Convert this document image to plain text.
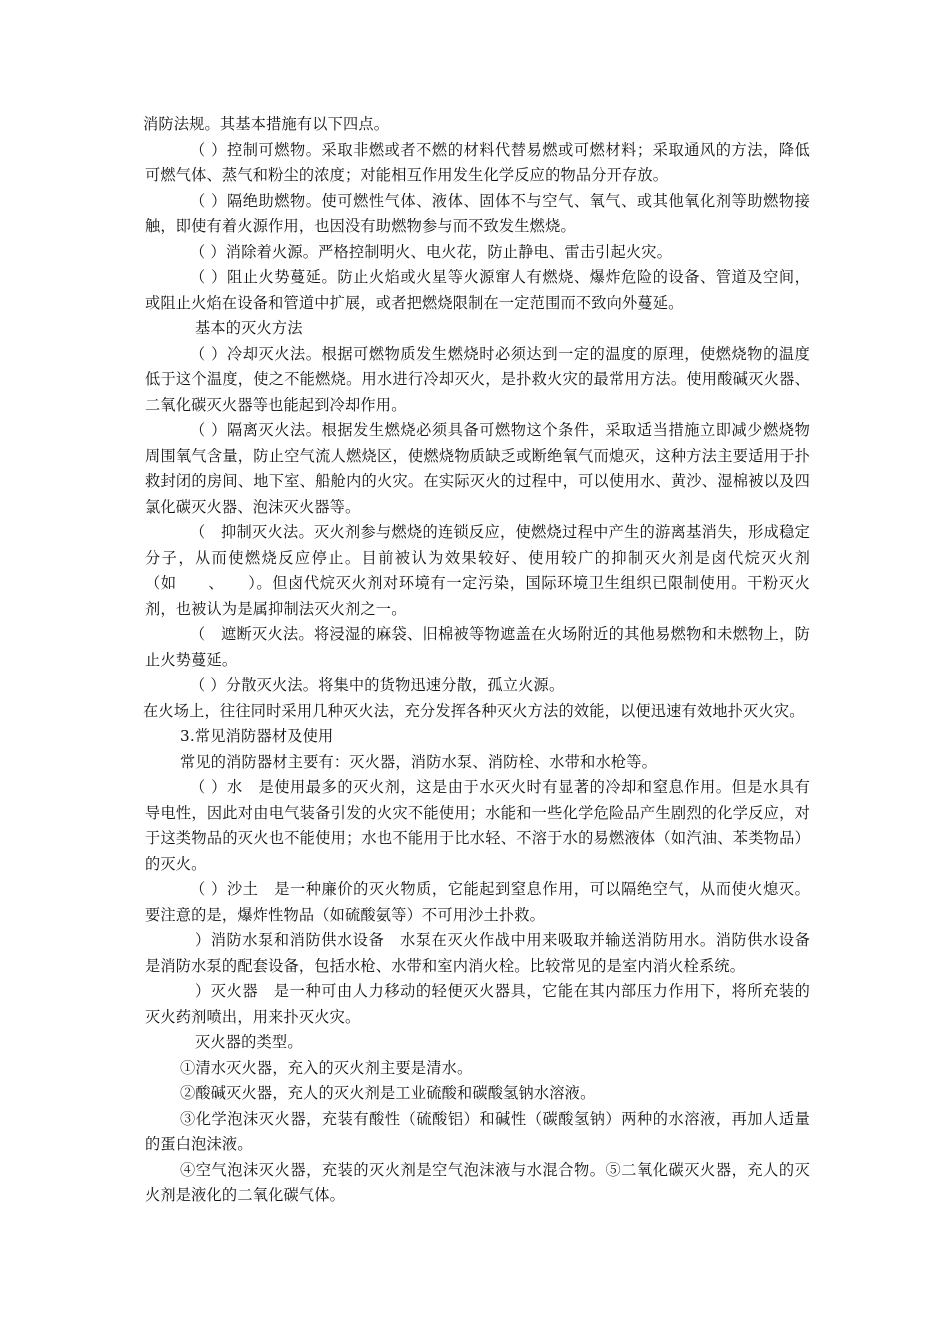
消防法规。其基本措施有以下四点。

（ ）控制可燃物。采取非燃或者不燃的材料代替易燃或可燃材料；采取通风的方法，降低可燃气体、蒸气和粉尘的浓度；对能相互作用发生化学反应的物品分开存放。

（ ）隔绝助燃物。使可燃性气体、液体、固体不与空气、氧气、或其他氧化剂等助燃物接触，即使有着火源作用，也因没有助燃物参与而不致发生燃烧。

（ ）消除着火源。严格控制明火、电火花，防止静电、雷击引起火灾。

（ ）阻止火势蔓延。防止火焰或火星等火源窜人有燃烧、爆炸危险的设备、管道及空间，或阻止火焰在设备和管道中扩展，或者把燃烧限制在一定范围而不致向外蔓延。

基本的灭火方法

（ ）冷却灭火法。根据可燃物质发生燃烧时必须达到一定的温度的原理，使燃烧物的温度低于这个温度，使之不能燃烧。用水进行冷却灭火，是扑救火灾的最常用方法。使用酸碱灭火器、二氧化碳灭火器等也能起到冷却作用。

（ ）隔离灭火法。根据发生燃烧必须具备可燃物这个条件，采取适当措施立即减少燃烧物周围氧气含量，防止空气流人燃烧区，使燃烧物质缺乏或断绝氧气而熄灭，这种方法主要适用于扑救封闭的房间、地下室、船舱内的火灾。在实际灭火的过程中，可以使用水、黄沙、湿棉被以及四氯化碳灭火器、泡沫灭火器等。

（　抑制灭火法。灭火剂参与燃烧的连锁反应，使燃烧过程中产生的游离基消失，形成稳定分子，从而使燃烧反应停止。目前被认为效果较好、使用较广的抑制灭火剂是卤代烷灭火剂（如　　、　　）。但卤代烷灭火剂对环境有一定污染，国际环境卫生组织已限制使用。干粉灭火剂，也被认为是属抑制法灭火剂之一。

（　遮断灭火法。将浸湿的麻袋、旧棉被等物遮盖在火场附近的其他易燃物和未燃物上，防止火势蔓延。

（ ）分散灭火法。将集中的货物迅速分散，孤立火源。

在火场上，往往同时采用几种灭火法，充分发挥各种灭火方法的效能，以便迅速有效地扑灭火灾。

3.常见消防器材及使用

常见的消防器材主要有：灭火器，消防水泵、消防栓、水带和水枪等。

（ ）水　是使用最多的灭火剂，这是由于水灭火时有显著的冷却和窒息作用。但是水具有导电性，因此对由电气装备引发的火灾不能使用；水能和一些化学危险品产生剧烈的化学反应，对于这类物品的灭火也不能使用；水也不能用于比水轻、不溶于水的易燃液体（如汽油、苯类物品）的灭火。

（ ）沙土　是一种廉价的灭火物质，它能起到窒息作用，可以隔绝空气，从而使火熄灭。要注意的是，爆炸性物品（如硫酸氨等）不可用沙土扑救。

）消防水泵和消防供水设备　水泵在灭火作战中用来吸取并输送消防用水。消防供水设备是消防水泵的配套设备，包括水枪、水带和室内消火栓。比较常见的是室内消火栓系统。

）灭火器　是一种可由人力移动的轻便灭火器具，它能在其内部压力作用下，将所充装的灭火药剂喷出，用来扑灭火灾。

灭火器的类型。

①清水灭火器，充入的灭火剂主要是清水。

②酸碱灭火器，充人的灭火剂是工业硫酸和碳酸氢钠水溶液。

③化学泡沫灭火器，充装有酸性（硫酸铝）和碱性（碳酸氢钠）两种的水溶液，再加人适量的蛋白泡沫液。

④空气泡沫灭火器，充装的灭火剂是空气泡沫液与水混合物。⑤二氧化碳灭火器，充人的灭火剂是液化的二氧化碳气体。
